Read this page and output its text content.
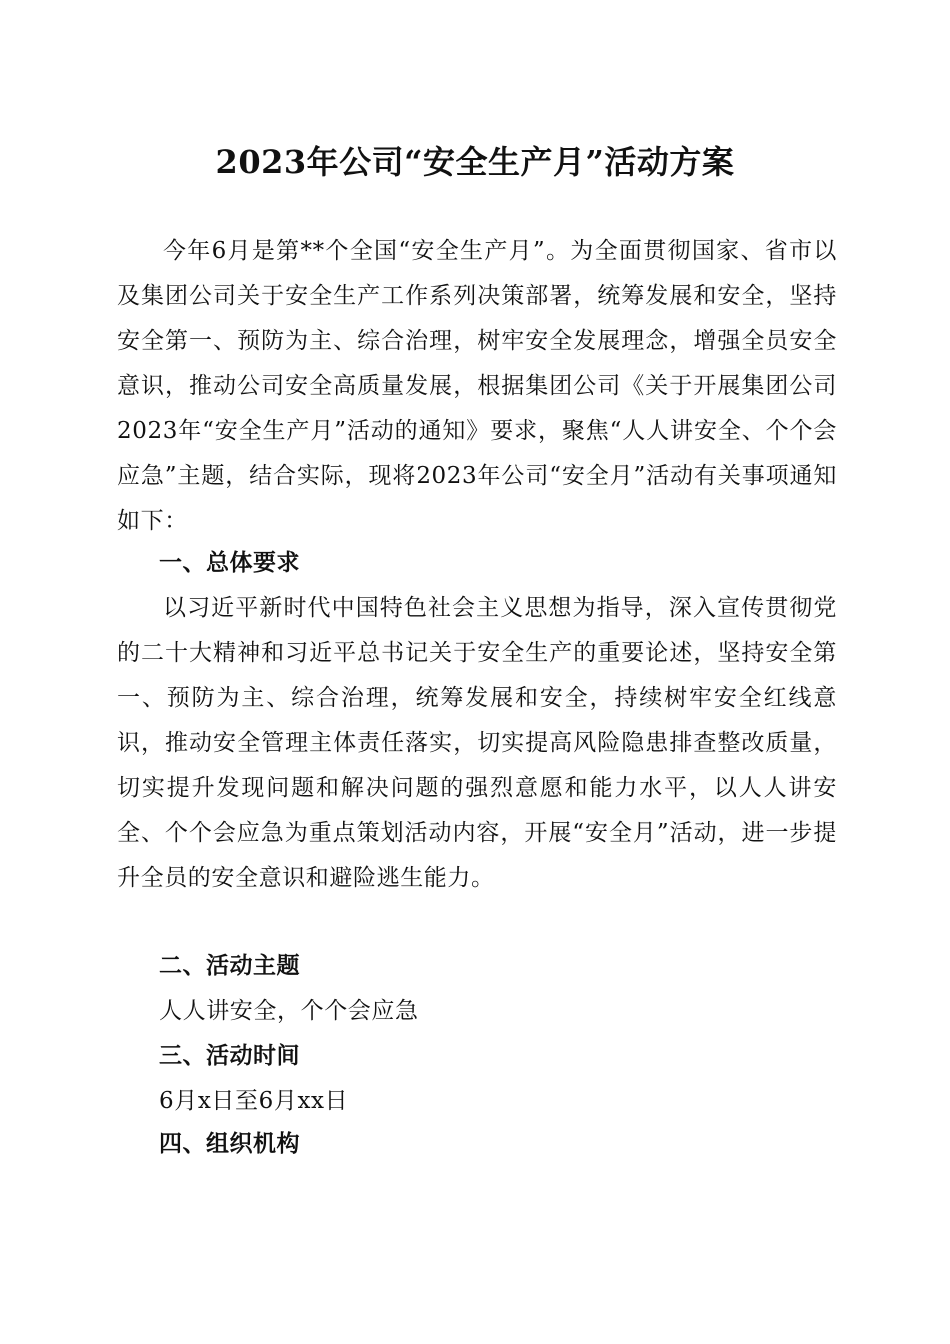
2023年公司“安全生产月”活动方案

今年6月是第**个全国“安全生产月”。为全面贯彻国家、省市以及集团公司关于安全生产工作系列决策部署，统筹发展和安全，坚持安全第一、预防为主、综合治理，树牢安全发展理念，增强全员安全意识，推动公司安全高质量发展，根据集团公司《关于开展集团公司2023年“安全生产月”活动的通知》要求，聚焦“人人讲安全、个个会应急”主题，结合实际，现将2023年公司“安全月”活动有关事项通知如下：

一、总体要求

以习近平新时代中国特色社会主义思想为指导，深入宣传贯彻党的二十大精神和习近平总书记关于安全生产的重要论述，坚持安全第一、预防为主、综合治理，统筹发展和安全，持续树牢安全红线意识，推动安全管理主体责任落实，切实提高风险隐患排查整改质量，切实提升发现问题和解决问题的强烈意愿和能力水平，以人人讲安全、个个会应急为重点策划活动内容，开展“安全月”活动，进一步提升全员的安全意识和避险逃生能力。

二、活动主题

人人讲安全，个个会应急

三、活动时间

6月x日至6月xx日

四、组织机构
